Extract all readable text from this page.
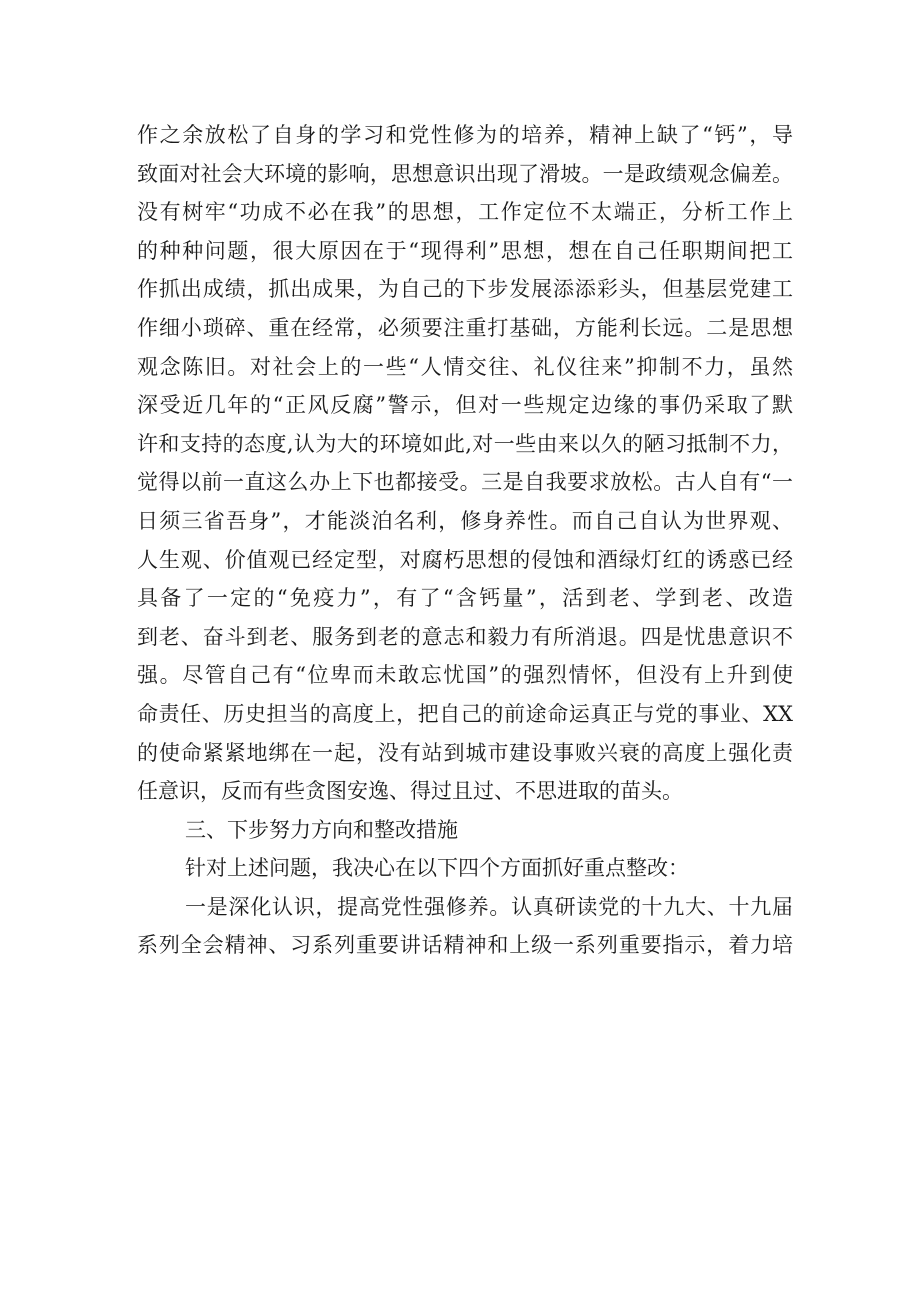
作之余放松了自身的学习和党性修为的培养，精神上缺了“钙”，导
致面对社会大环境的影响，思想意识出现了滑坡。一是政绩观念偏差。
没有树牢“功成不必在我”的思想，工作定位不太端正，分析工作上
的种种问题，很大原因在于“现得利”思想，想在自己任职期间把工
作抓出成绩，抓出成果，为自己的下步发展添添彩头，但基层党建工
作细小琐碎、重在经常，必须要注重打基础，方能利长远。二是思想
观念陈旧。对社会上的一些“人情交往、礼仪往来”抑制不力，虽然
深受近几年的“正风反腐”警示，但对一些规定边缘的事仍采取了默
许和支持的态度,认为大的环境如此,对一些由来以久的陋习抵制不力，
觉得以前一直这么办上下也都接受。三是自我要求放松。古人自有“一
日须三省吾身”，才能淡泊名利，修身养性。而自己自认为世界观、
人生观、价值观已经定型，对腐朽思想的侵蚀和酒绿灯红的诱惑已经
具备了一定的“免疫力”，有了“含钙量”，活到老、学到老、改造
到老、奋斗到老、服务到老的意志和毅力有所消退。四是忧患意识不
强。尽管自己有“位卑而未敢忘忧国”的强烈情怀，但没有上升到使
命责任、历史担当的高度上，把自己的前途命运真正与党的事业、XX
的使命紧紧地绑在一起，没有站到城市建设事败兴衰的高度上强化责
任意识，反而有些贪图安逸、得过且过、不思进取的苗头。
三、下步努力方向和整改措施
针对上述问题，我决心在以下四个方面抓好重点整改：
一是深化认识，提高党性强修养。认真研读党的十九大、十九届
系列全会精神、习系列重要讲话精神和上级一系列重要指示，着力培
